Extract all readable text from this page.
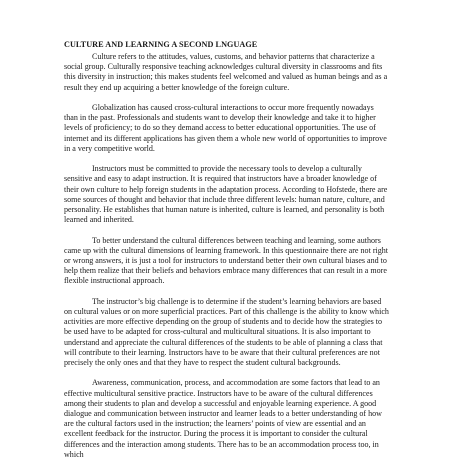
CULTURE AND LEARNING A SECOND LNGUAGE

Culture refers to the attitudes, values, customs, and behavior patterns that characterize a social group. Culturally responsive teaching acknowledges cultural diversity in classrooms and fits this diversity in instruction; this makes students feel welcomed and valued as human beings and as a result they end up acquiring a better knowledge of the foreign culture.

Globalization has caused cross-cultural interactions to occur more frequently nowadays than in the past. Professionals and students want to develop their knowledge and take it to higher levels of proficiency; to do so they demand access to better educational opportunities. The use of internet and its different applications has given them a whole new world of opportunities to improve in a very competitive world.

Instructors must be committed to provide the necessary tools to develop a culturally sensitive and easy to adapt instruction. It is required that instructors have a broader knowledge of their own culture to help foreign students in the adaptation process. According to Hofstede, there are some sources of thought and behavior that include three different levels: human nature, culture, and personality. He establishes that human nature is inherited, culture is learned, and personality is both learned and inherited.

To better understand the cultural differences between teaching and learning, some authors came up with the cultural dimensions of learning framework. In this questionnaire there are not right or wrong answers, it is just a tool for instructors to understand better their own cultural biases and to help them realize that their beliefs and behaviors embrace many differences that can result in a more flexible instructional approach.

The instructor’s big challenge is to determine if the student’s learning behaviors are based on cultural values or on more superficial practices. Part of this challenge is the ability to know which activities are more effective depending on the group of students and to decide how the strategies to be used have to be adapted for cross-cultural and multicultural situations. It is also important to understand and appreciate the cultural differences of the students to be able of planning a class that will contribute to their learning. Instructors have to be aware that their cultural preferences are not precisely the only ones and that they have to respect the student cultural backgrounds.

Awareness, communication, process, and accommodation are some factors that lead to an effective multicultural sensitive practice. Instructors have to be aware of the cultural differences among their students to plan and develop a successful and enjoyable learning experience. A good dialogue and communication between instructor and learner leads to a better understanding of how are the cultural factors used in the instruction; the learners’ points of view are essential and an excellent feedback for the instructor. During the process it is important to consider the cultural differences and the interaction among students. There has to be an accommodation process too, in which
